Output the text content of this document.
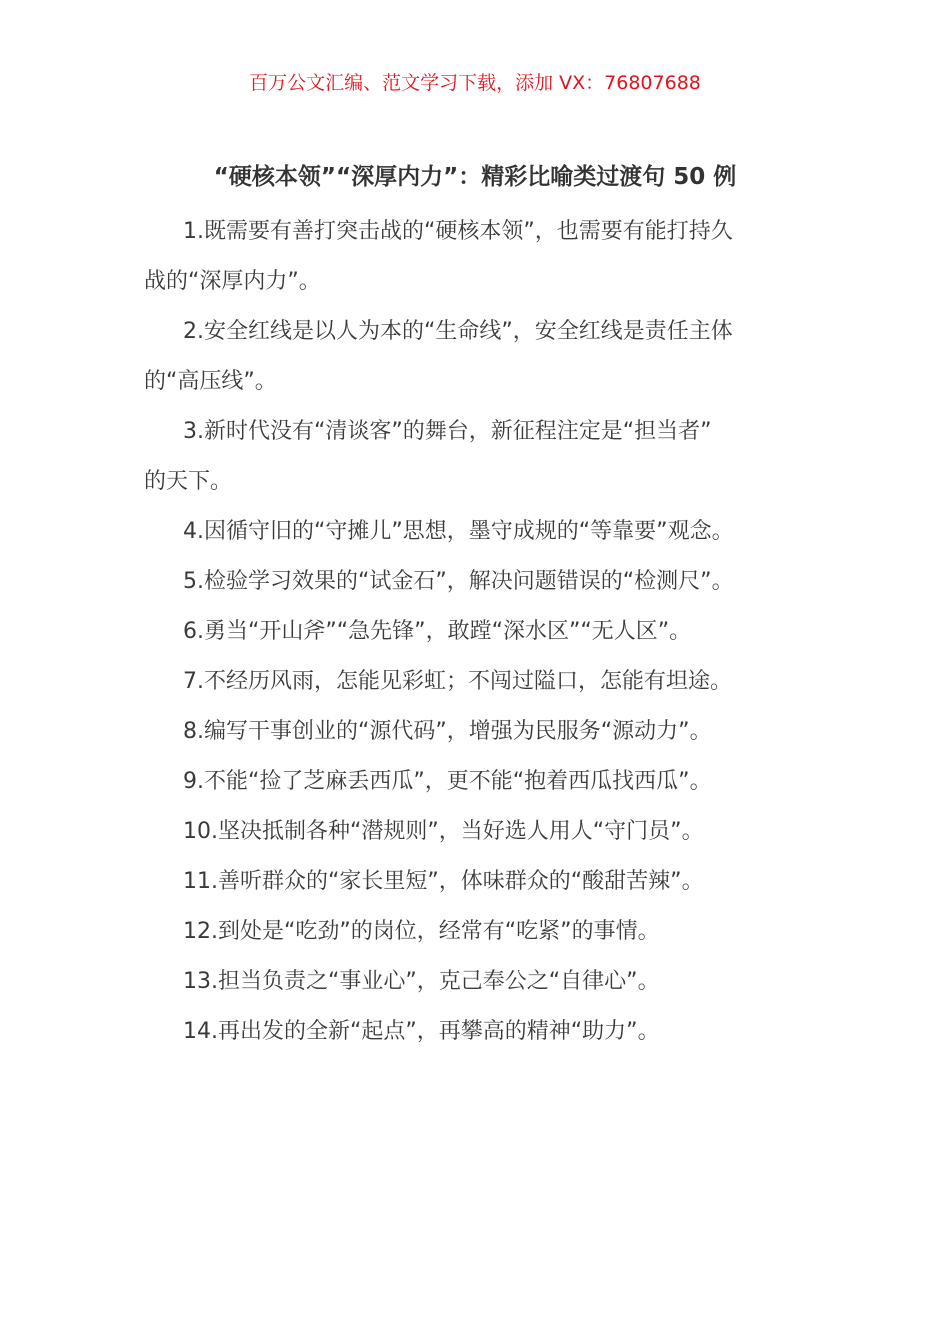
百万公文汇编、范文学习下载，添加 VX：76807688
“硬核本领”“深厚内力”：精彩比喻类过渡句 50 例
1.既需要有善打突击战的“硬核本领”，也需要有能打持久
战的“深厚内力”。
2.安全红线是以人为本的“生命线”，安全红线是责任主体
的“高压线”。
3.新时代没有“清谈客”的舞台，新征程注定是“担当者”
的天下。
4.因循守旧的“守摊儿”思想，墨守成规的“等靠要”观念。
5.检验学习效果的“试金石”，解决问题错误的“检测尺”。
6.勇当“开山斧”“急先锋”，敢蹚“深水区”“无人区”。
7.不经历风雨，怎能见彩虹；不闯过隘口，怎能有坦途。
8.编写干事创业的“源代码”，增强为民服务“源动力”。
9.不能“捡了芝麻丢西瓜”，更不能“抱着西瓜找西瓜”。
10.坚决抵制各种“潜规则”，当好选人用人“守门员”。
11.善听群众的“家长里短”，体味群众的“酸甜苦辣”。
12.到处是“吃劲”的岗位，经常有“吃紧”的事情。
13.担当负责之“事业心”，克己奉公之“自律心”。
14.再出发的全新“起点”，再攀高的精神“助力”。
